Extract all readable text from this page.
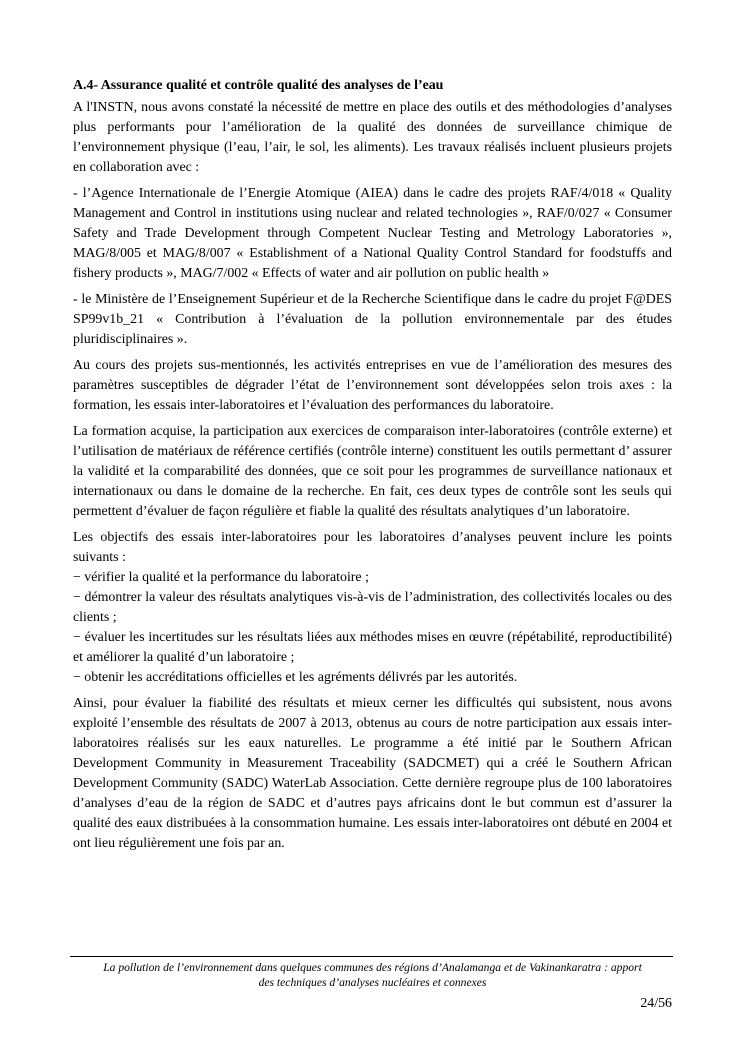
A.4- Assurance qualité et contrôle qualité des analyses de l’eau

A l'INSTN, nous avons constaté la nécessité de mettre en place des outils et des méthodologies d’analyses plus performants pour l’amélioration de la qualité des données de surveillance chimique de l’environnement physique (l’eau, l’air, le sol, les aliments). Les travaux réalisés incluent plusieurs projets en collaboration avec :

- l’Agence Internationale de l’Energie Atomique (AIEA) dans le cadre des projets RAF/4/018 « Quality Management and Control in institutions using nuclear and related technologies », RAF/0/027 « Consumer Safety and Trade Development through Competent Nuclear Testing and Metrology Laboratories », MAG/8/005 et MAG/8/007 « Establishment of a National Quality Control Standard for foodstuffs and fishery products », MAG/7/002 « Effects of water and air pollution on public health »

- le Ministère de l’Enseignement Supérieur et de la Recherche Scientifique dans le cadre du projet F@DES SP99v1b_21 « Contribution à l’évaluation de la pollution environnementale par des études pluridisciplinaires ».

Au cours des projets sus-mentionnés, les activités entreprises en vue de l’amélioration des mesures des paramètres susceptibles de dégrader l’état de l’environnement sont développées selon trois axes : la formation, les essais inter-laboratoires et l’évaluation des performances du laboratoire.

La formation acquise, la participation aux exercices de comparaison inter-laboratoires (contrôle externe) et l’utilisation de matériaux de référence certifiés (contrôle interne) constituent les outils permettant d’ assurer la validité et la comparabilité des données, que ce soit pour les programmes de surveillance nationaux et internationaux ou dans le domaine de la recherche. En fait, ces deux types de contrôle sont les seuls qui permettent d’évaluer de façon régulière et fiable la qualité des résultats analytiques d’un laboratoire.

Les objectifs des essais inter-laboratoires pour les laboratoires d’analyses peuvent inclure les points suivants :

− vérifier la qualité et la performance du laboratoire ;

− démontrer la valeur des résultats analytiques vis-à-vis de l’administration, des collectivités locales ou des clients ;

− évaluer les incertitudes sur les résultats liées aux méthodes mises en œuvre (répétabilité, reproductibilité) et améliorer la qualité d’un laboratoire ;

− obtenir les accréditations officielles et les agréments délivrés par les autorités.

Ainsi, pour évaluer la fiabilité des résultats et mieux cerner les difficultés qui subsistent, nous avons exploité l’ensemble des résultats de 2007 à 2013, obtenus au cours de notre participation aux essais inter-laboratoires réalisés sur les eaux naturelles. Le programme a été initié par le Southern African Development Community in Measurement Traceability (SADCMET) qui a créé le Southern African Development Community (SADC) WaterLab Association. Cette dernière regroupe plus de 100 laboratoires d’analyses d’eau de la région de SADC et d’autres pays africains dont le but commun est d’assurer la qualité des eaux distribuées à la consommation humaine. Les essais inter-laboratoires ont débuté en 2004 et ont lieu régulièrement une fois par an.

La pollution de l’environnement dans quelques communes des régions d’Analamanga et de Vakinankaratra : apport
des techniques d’analyses nucléaires et connexes
24/56
